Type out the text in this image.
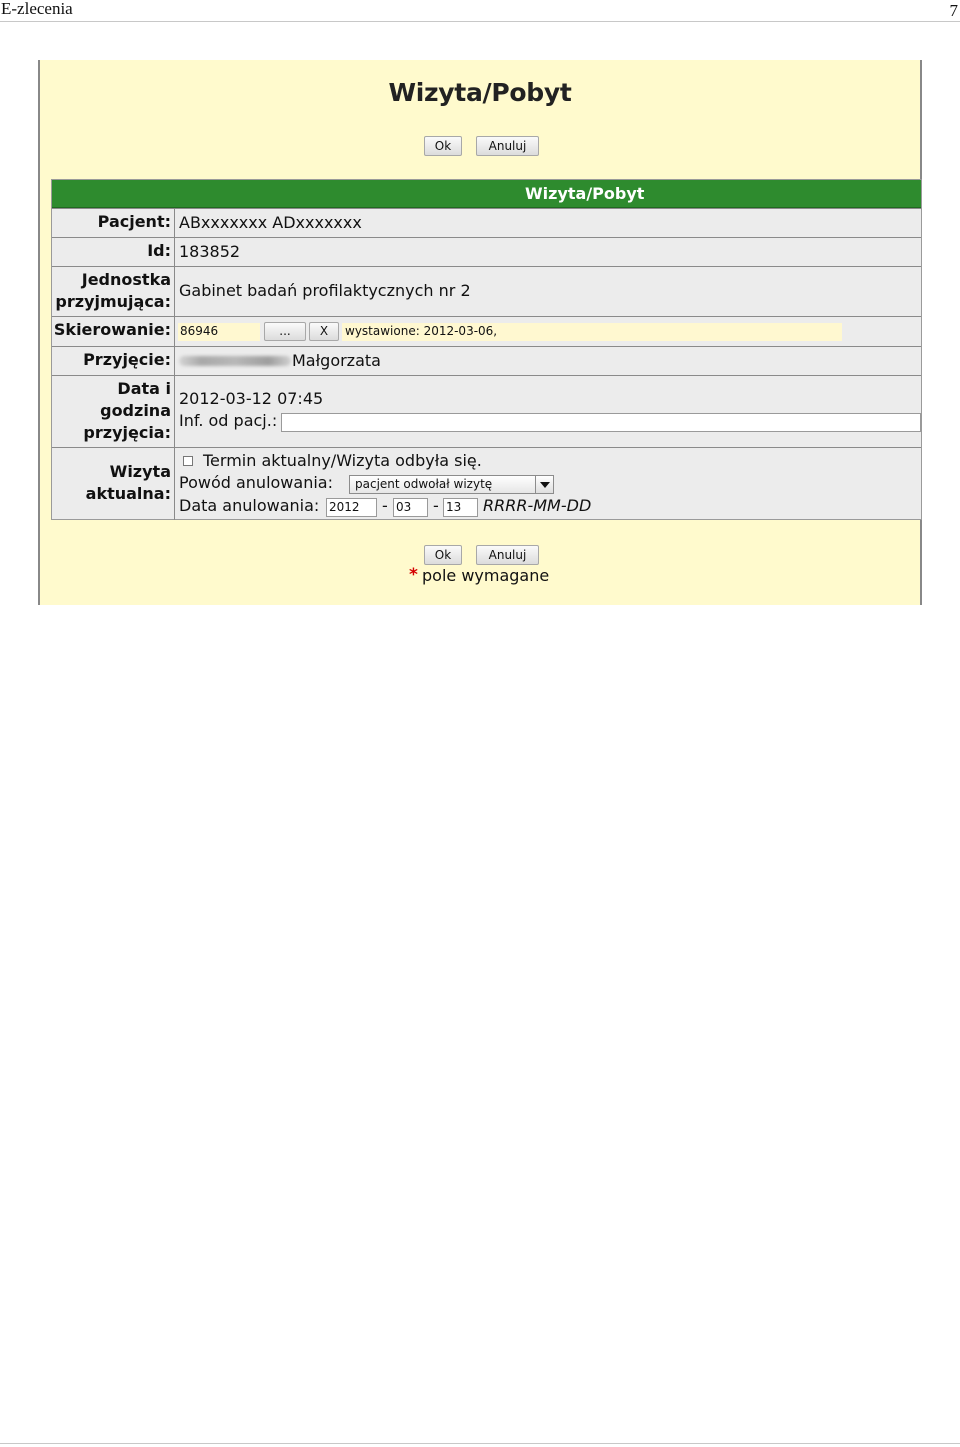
E-zlecenia	7
Wizyta/Pobyt
Ok	Anuluj
Wizyta/Pobyt
Pacjent: ABxxxxxxx ADxxxxxxx
Id: 183852
Jednostka
przyjmująca:
Gabinet badań profilaktycznych nr 2
Skierowanie: 86946	...	X	wystawione: 2012-03-06,
Przyjęcie:	Małgorzata
Data i
godzina
przyjęcia:
2012-03-12 07:45
Inf. od pacj.:
Wizyta
aktualna:
Termin aktualny/Wizyta odbyła się.
Powód anulowania:	pacjent odwołał wizytę
Data anulowania: 2012	- 03	- 13	RRRR-MM-DD
Ok	Anuluj
* pole wymagane
